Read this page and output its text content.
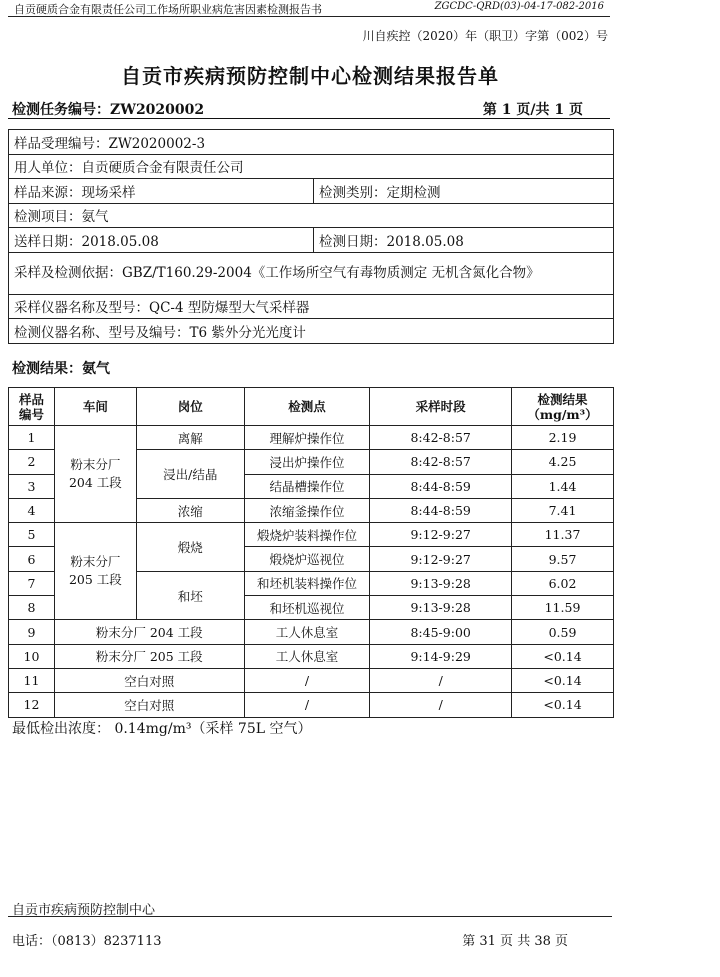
自贡硬质合金有限责任公司工作场所职业病危害因素检测报告书	ZGCDC-QRD(03)-04-17-082-2016
川自疾控（2020）年（职卫）字第（002）号
自贡市疾病预防控制中心检测结果报告单
检测任务编号：ZW2020002	第 1 页/共 1 页
样品受理编号：ZW2020002-3	
用人单位：自贡硬质合金有限责任公司	
样品来源：现场采样	检测类别：定期检测
检测项目：氨气	
送样日期：2018.05.08	检测日期：2018.05.08
采样及检测依据：GBZ/T160.29-2004《工作场所空气有毒物质测定 无机含氮化合物》	
采样仪器名称及型号：QC-4 型防爆型大气采样器	
检测仪器名称、型号及编号：T6 紫外分光光度计	
检测结果：氨气
样品
编号	车间	岗位	检测点	采样时段	检测结果
（mg/m³）
1	粉末分厂 204 工段	离解	理解炉操作位	8:42-8:57	2.19
2		浸出/结晶	浸出炉操作位	8:42-8:57	4.25
3			结晶槽操作位	8:44-8:59	1.44
4		浓缩	浓缩釜操作位	8:44-8:59	7.41
5	粉末分厂 205 工段	煅烧	煅烧炉装料操作位	9:12-9:27	11.37
6			煅烧炉巡视位	9:12-9:27	9.57
7		和坯	和坯机装料操作位	9:13-9:28	6.02
8			和坯机巡视位	9:13-9:28	11.59
9	粉末分厂 204 工段		工人休息室	8:45-9:00	0.59
10	粉末分厂 205 工段		工人休息室	9:14-9:29	<0.14
11	空白对照		/	/	<0.14
12	空白对照		/	/	<0.14
最低检出浓度： 0.14mg/m³（采样 75L 空气）
自贡市疾病预防控制中心
电话：（0813）8237113	第 31 页 共 38 页
